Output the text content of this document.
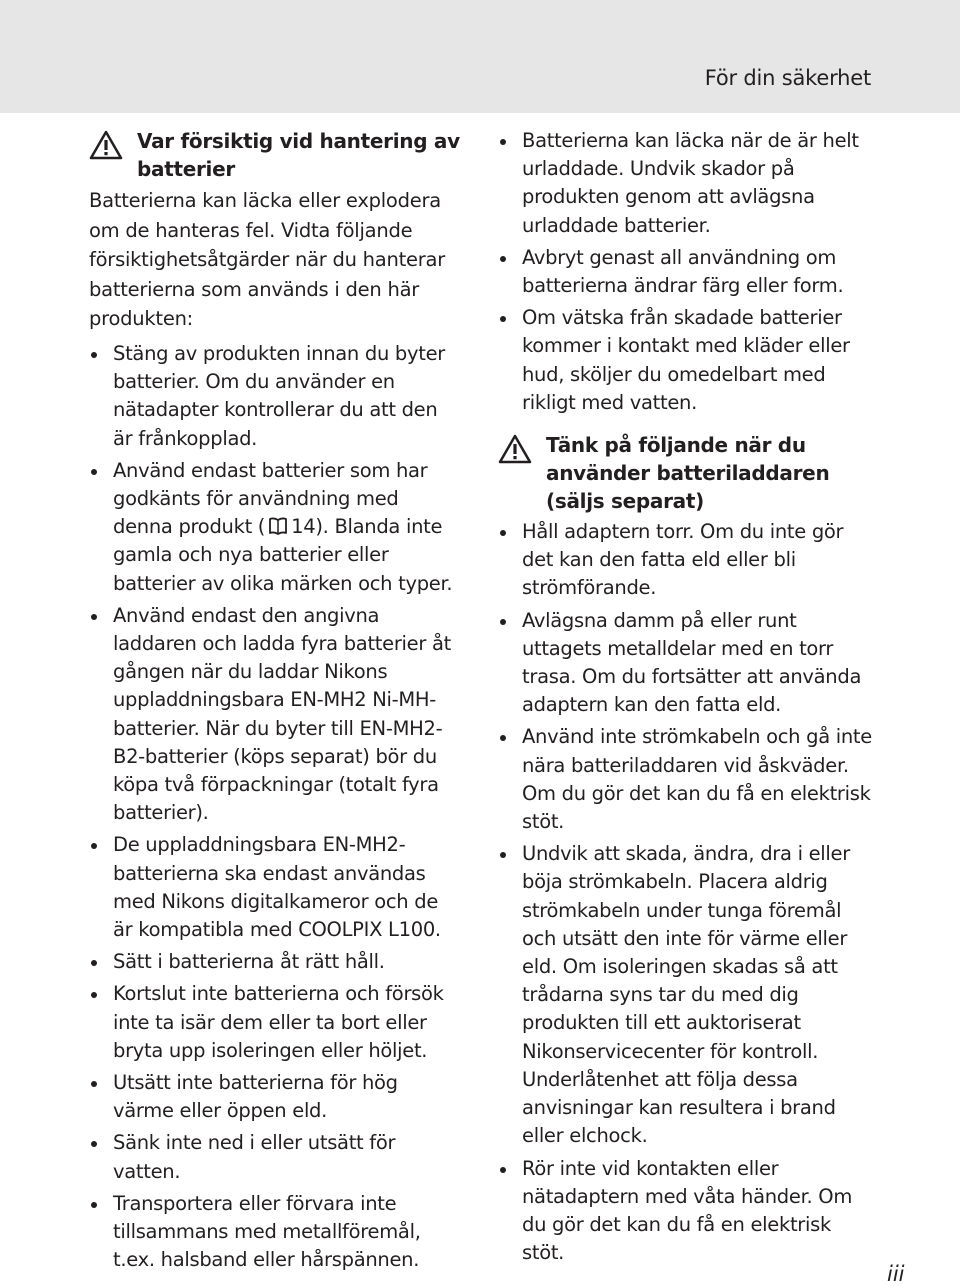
För din säkerhet
Var försiktig vid hantering av batterier

Batterierna kan läcka eller explodera om de hanteras fel. Vidta följande försiktighetsåtgärder när du hanterar batterierna som används i den här produkten:

Stäng av produkten innan du byter batterier. Om du använder en nätadapter kontrollerar du att den är frånkopplad.
Använd endast batterier som har godkänts för användning med denna produkt ( 14). Blanda inte gamla och nya batterier eller batterier av olika märken och typer.
Använd endast den angivna laddaren och ladda fyra batterier åt gången när du laddar Nikons uppladdningsbara EN-MH2 Ni-MH-batterier. När du byter till EN-MH2-B2-batterier (köps separat) bör du köpa två förpackningar (totalt fyra batterier).
De uppladdningsbara EN-MH2-batterierna ska endast användas med Nikons digitalkameror och de är kompatibla med COOLPIX L100.
Sätt i batterierna åt rätt håll.
Kortslut inte batterierna och försök inte ta isär dem eller ta bort eller bryta upp isoleringen eller höljet.
Utsätt inte batterierna för hög värme eller öppen eld.
Sänk inte ned i eller utsätt för vatten.
Transportera eller förvara inte tillsammans med metallföremål, t.ex. halsband eller hårspännen.
Batterierna kan läcka när de är helt urladdade. Undvik skador på produkten genom att avlägsna urladdade batterier.
Avbryt genast all användning om batterierna ändrar färg eller form.
Om vätska från skadade batterier kommer i kontakt med kläder eller hud, sköljer du omedelbart med rikligt med vatten.
Tänk på följande när du använder batteriladdaren (säljs separat)
Håll adaptern torr. Om du inte gör det kan den fatta eld eller bli strömförande.
Avlägsna damm på eller runt uttagets metalldelar med en torr trasa. Om du fortsätter att använda adaptern kan den fatta eld.
Använd inte strömkabeln och gå inte nära batteriladdaren vid åskväder. Om du gör det kan du få en elektrisk stöt.
Undvik att skada, ändra, dra i eller böja strömkabeln. Placera aldrig strömkabeln under tunga föremål och utsätt den inte för värme eller eld. Om isoleringen skadas så att trådarna syns tar du med dig produkten till ett auktoriserat Nikonservicecenter för kontroll. Underlåtenhet att följa dessa anvisningar kan resultera i brand eller elchock.
Rör inte vid kontakten eller nätadaptern med våta händer. Om du gör det kan du få en elektrisk stöt.
iii
